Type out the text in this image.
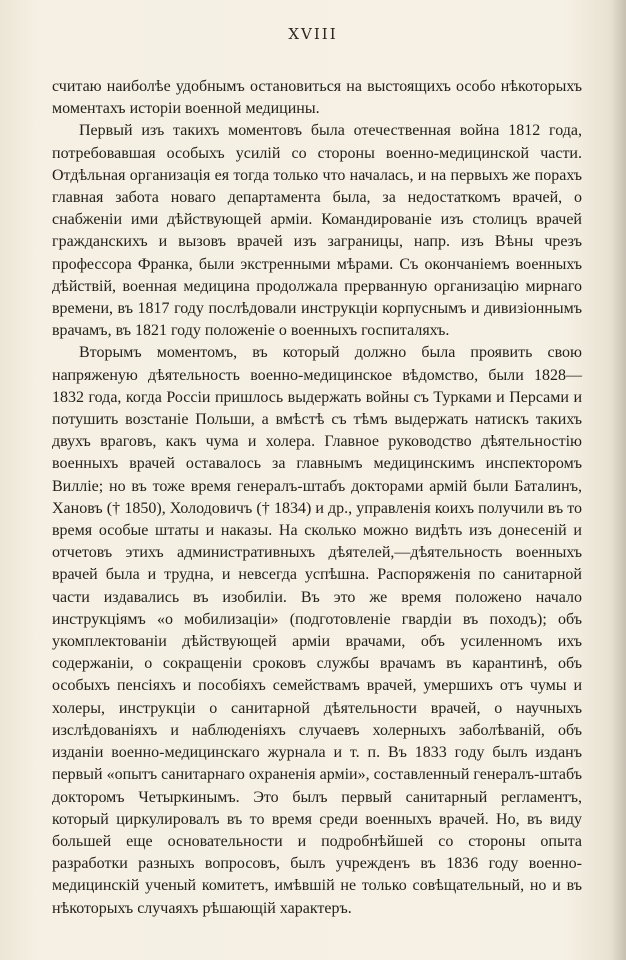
XVIII

считаю наиболѣе удобнымъ остановиться на выстоящихъ особо нѣкоторыхъ моментахъ исторіи военной медицины.

Первый изъ такихъ моментовъ была отечественная война 1812 года, потребовавшая особыхъ усилій со стороны военно-медицинской части. Отдѣльная организація ея тогда только что началась, и на первыхъ же порахъ главная забота новаго департамента была, за недостаткомъ врачей, о снабженіи ими дѣйствующей арміи. Командированіе изъ столицъ врачей гражданскихъ и вызовъ врачей изъ заграницы, напр. изъ Вѣны чрезъ профессора Франка, были экстренными мѣрами. Съ окончаніемъ военныхъ дѣйствій, военная медицина продолжала прерванную организацію мирнаго времени, въ 1817 году послѣдовали инструкціи корпуснымъ и дивизіоннымъ врачамъ, въ 1821 году положеніе о военныхъ госпиталяхъ.

Вторымъ моментомъ, въ который должно была проявить свою напряженую дѣятельность военно-медицинское вѣдомство, были 1828—1832 года, когда Россіи пришлось выдержать войны съ Турками и Персами и потушить возстаніе Польши, а вмѣстѣ съ тѣмъ выдержать натискъ такихъ двухъ враговъ, какъ чума и холера. Главное руководство дѣятельностію военныхъ врачей оставалось за главнымъ медицинскимъ инспекторомъ Виллie; но въ тоже время генералъ-штабъ докторами армій были Баталинъ, Хановъ († 1850), Холодовичъ († 1834) и др., управленія коихъ получили въ то время особые штаты и наказы. На сколько можно видѣть изъ донесеній и отчетовъ этихъ административныхъ дѣятелей,—дѣятельность военныхъ врачей была и трудна, и невсегда успѣшна. Распоряженія по санитарной части издавались въ изобиліи. Въ это же время положено начало инструкціямъ «о мобилизаціи» (подготовленіе гвардіи въ походъ); объ укомплектованіи дѣйствующей арміи врачами, объ усиленномъ ихъ содержаніи, о сокращеніи сроковъ службы врачамъ въ карантинѣ, объ особыхъ пенсіяхъ и пособіяхъ семействамъ врачей, умершихъ отъ чумы и холеры, инструкціи о санитарной дѣятельности врачей, о научныхъ изслѣдованіяхъ и наблюденіяхъ случаевъ холерныхъ заболѣваній, объ изданіи военно-медицинскаго журнала и т. п. Въ 1833 году былъ изданъ первый «опытъ санитарнаго охраненія арміи», составленный генералъ-штабъ докторомъ Четыркинымъ. Это былъ первый санитарный регламентъ, который циркулировалъ въ то время среди военныхъ врачей. Но, въ виду большей еще основательности и подробнѣйшей со стороны опыта разработки разныхъ вопросовъ, былъ учрежденъ въ 1836 году военно-медицинскій ученый комитетъ, имѣвшій не только совѣщательный, но и въ нѣкоторыхъ случаяхъ рѣшающій характеръ.
